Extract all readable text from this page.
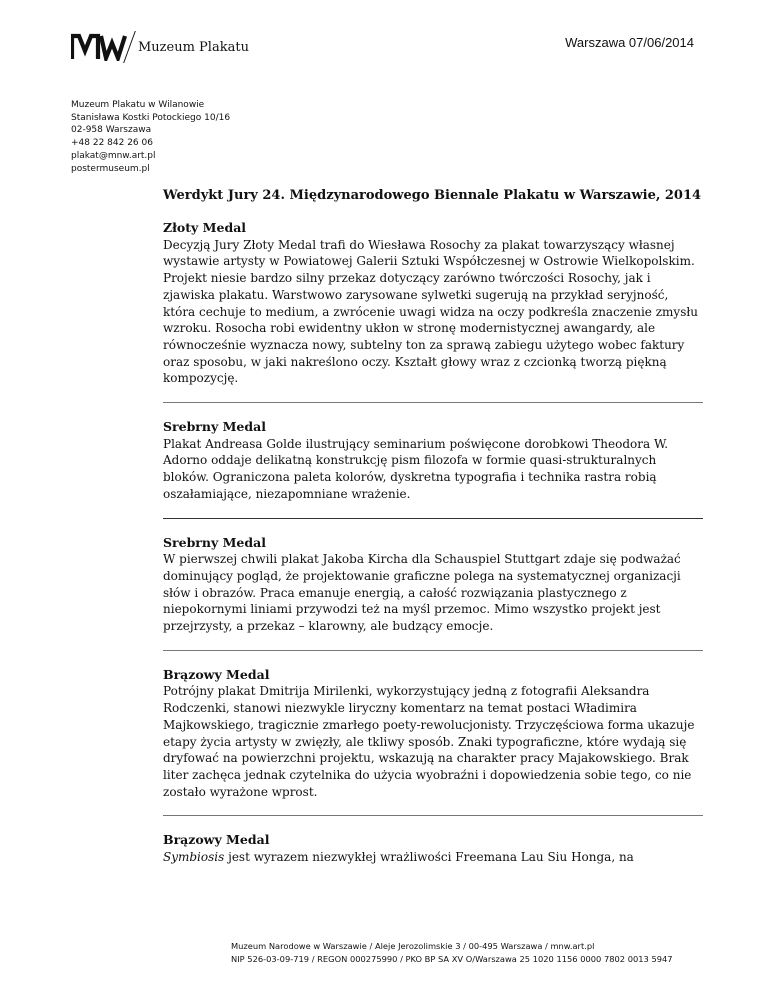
Muzeum Plakatu	Warszawa 07/06/2014
Muzeum Plakatu w Wilanowie
Stanisława Kostki Potockiego 10/16
02-958 Warszawa
+48 22 842 26 06
plakat@mnw.art.pl
postermuseum.pl
Werdykt Jury 24. Międzynarodowego Biennale Plakatu w Warszawie, 2014
Złoty Medal

Decyzją Jury Złoty Medal trafi do Wiesława Rosochy za plakat towarzyszący własnej wystawie artysty w Powiatowej Galerii Sztuki Współczesnej w Ostrowie Wielkopolskim. Projekt niesie bardzo silny przekaz dotyczący zarówno twórczości Rosochy, jak i zjawiska plakatu. Warstwowo zarysowane sylwetki sugerują na przykład seryjność, która cechuje to medium, a zwrócenie uwagi widza na oczy podkreśla znaczenie zmysłu wzroku. Rosocha robi ewidentny ukłon w stronę modernistycznej awangardy, ale równocześnie wyznacza nowy, subtelny ton za sprawą zabiegu użytego wobec faktury oraz sposobu, w jaki nakreślono oczy. Kształt głowy wraz z czcionką tworzą piękną kompozycję.

Srebrny Medal

Plakat Andreasa Golde ilustrujący seminarium poświęcone dorobkowi Theodora W. Adorno oddaje delikatną konstrukcję pism filozofa w formie quasi-strukturalnych bloków. Ograniczona paleta kolorów, dyskretna typografia i technika rastra robią oszałamiające, niezapomniane wrażenie.

Srebrny Medal

W pierwszej chwili plakat Jakoba Kircha dla Schauspiel Stuttgart zdaje się podważać dominujący pogląd, że projektowanie graficzne polega na systematycznej organizacji słów i obrazów. Praca emanuje energią, a całość rozwiązania plastycznego z niepokornymi liniami przywodzi też na myśl przemoc. Mimo wszystko projekt jest przejrzysty, a przekaz – klarowny, ale budzący emocje.

Brązowy Medal

Potrójny plakat Dmitrija Mirilenki, wykorzystujący jedną z fotografii Aleksandra Rodczenki, stanowi niezwykle liryczny komentarz na temat postaci Władimira Majkowskiego, tragicznie zmarłego poety-rewolucjonisty. Trzyczęściowa forma ukazuje etapy życia artysty w zwięzły, ale tkliwy sposób. Znaki typograficzne, które wydają się dryfować na powierzchni projektu, wskazują na charakter pracy Majakowskiego. Brak liter zachęca jednak czytelnika do użycia wyobraźni i dopowiedzenia sobie tego, co nie zostało wyrażone wprost.

Brązowy Medal

Symbiosis jest wyrazem niezwykłej wrażliwości Freemana Lau Siu Honga, na

Muzeum Narodowe w Warszawie / Aleje Jerozolimskie 3 / 00-495 Warszawa / mnw.art.pl
NIP 526-03-09-719 / REGON 000275990 / PKO BP SA XV O/Warszawa 25 1020 1156 0000 7802 0013 5947
